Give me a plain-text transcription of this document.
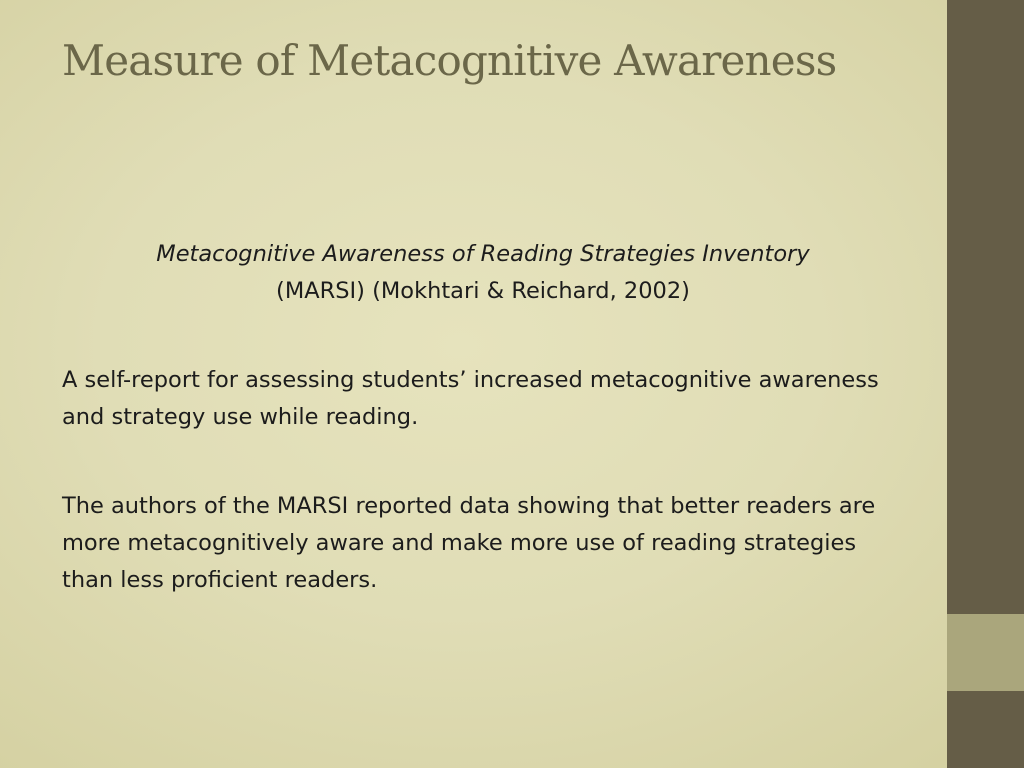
Measure of Metacognitive Awareness

Metacognitive Awareness of Reading Strategies Inventory
(MARSI) (Mokhtari & Reichard, 2002)

A self-report for assessing students’ increased metacognitive awareness and strategy use while reading.

The authors of the MARSI reported data showing that better readers are more metacognitively aware and make more use of reading strategies than less proficient readers.
